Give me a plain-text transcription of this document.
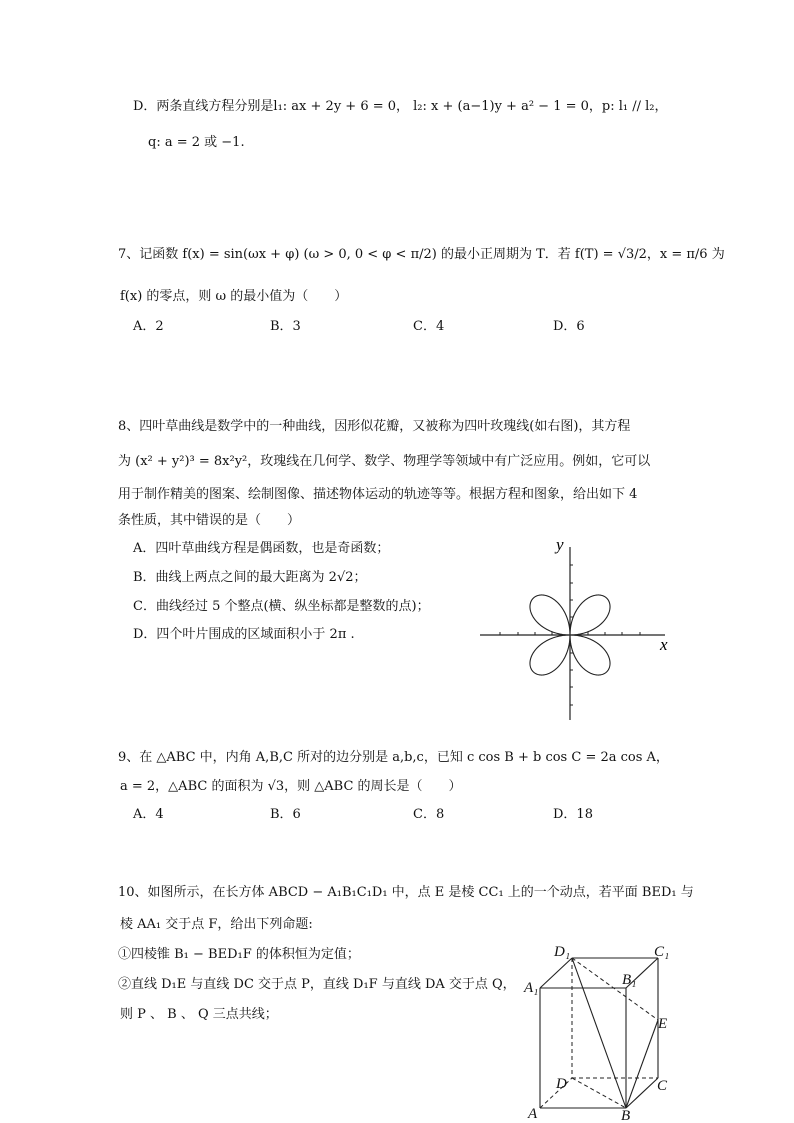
D．两条直线方程分别是l₁: ax + 2y + 6 = 0， l₂: x + (a−1)y + a² − 1 = 0，p: l₁ // l₂，
q: a = 2 或 −1.
7、记函数 f(x) = sin(ωx + φ) (ω > 0, 0 < φ < π/2) 的最小正周期为 T．若 f(T) = √3/2，x = π/6 为
f(x) 的零点，则 ω 的最小值为（　　）
A．2	B．3	C．4	D．6
8、四叶草曲线是数学中的一种曲线，因形似花瓣，又被称为四叶玫瑰线(如右图)，其方程
为 (x² + y²)³ = 8x²y²，玫瑰线在几何学、数学、物理学等领域中有广泛应用。例如，它可以
用于制作精美的图案、绘制图像、描述物体运动的轨迹等等。根据方程和图象，给出如下 4
条性质，其中错误的是（　　）
A．四叶草曲线方程是偶函数，也是奇函数；
B．曲线上两点之间的最大距离为 2√2；
C．曲线经过 5 个整点(横、纵坐标都是整数的点)；
D．四个叶片围成的区域面积小于 2π .
x
y
9、在 △ABC 中，内角 A,B,C 所对的边分别是 a,b,c，已知 c cos B + b cos C = 2a cos A，
a = 2，△ABC 的面积为 √3，则 △ABC 的周长是（　　）
A．4	B．6	C．8	D．18
10、如图所示，在长方体 ABCD − A₁B₁C₁D₁ 中，点 E 是棱 CC₁ 上的一个动点，若平面 BED₁ 与
棱 AA₁ 交于点 F，给出下列命题:
①四棱锥 B₁ − BED₁F 的体积恒为定值；
②直线 D₁E 与直线 DC 交于点 P，直线 D₁F 与直线 DA 交于点 Q，
则 P 、 B 、 Q 三点共线；
D₁	C₁
A₁	B₁
E
D	C
A	B
